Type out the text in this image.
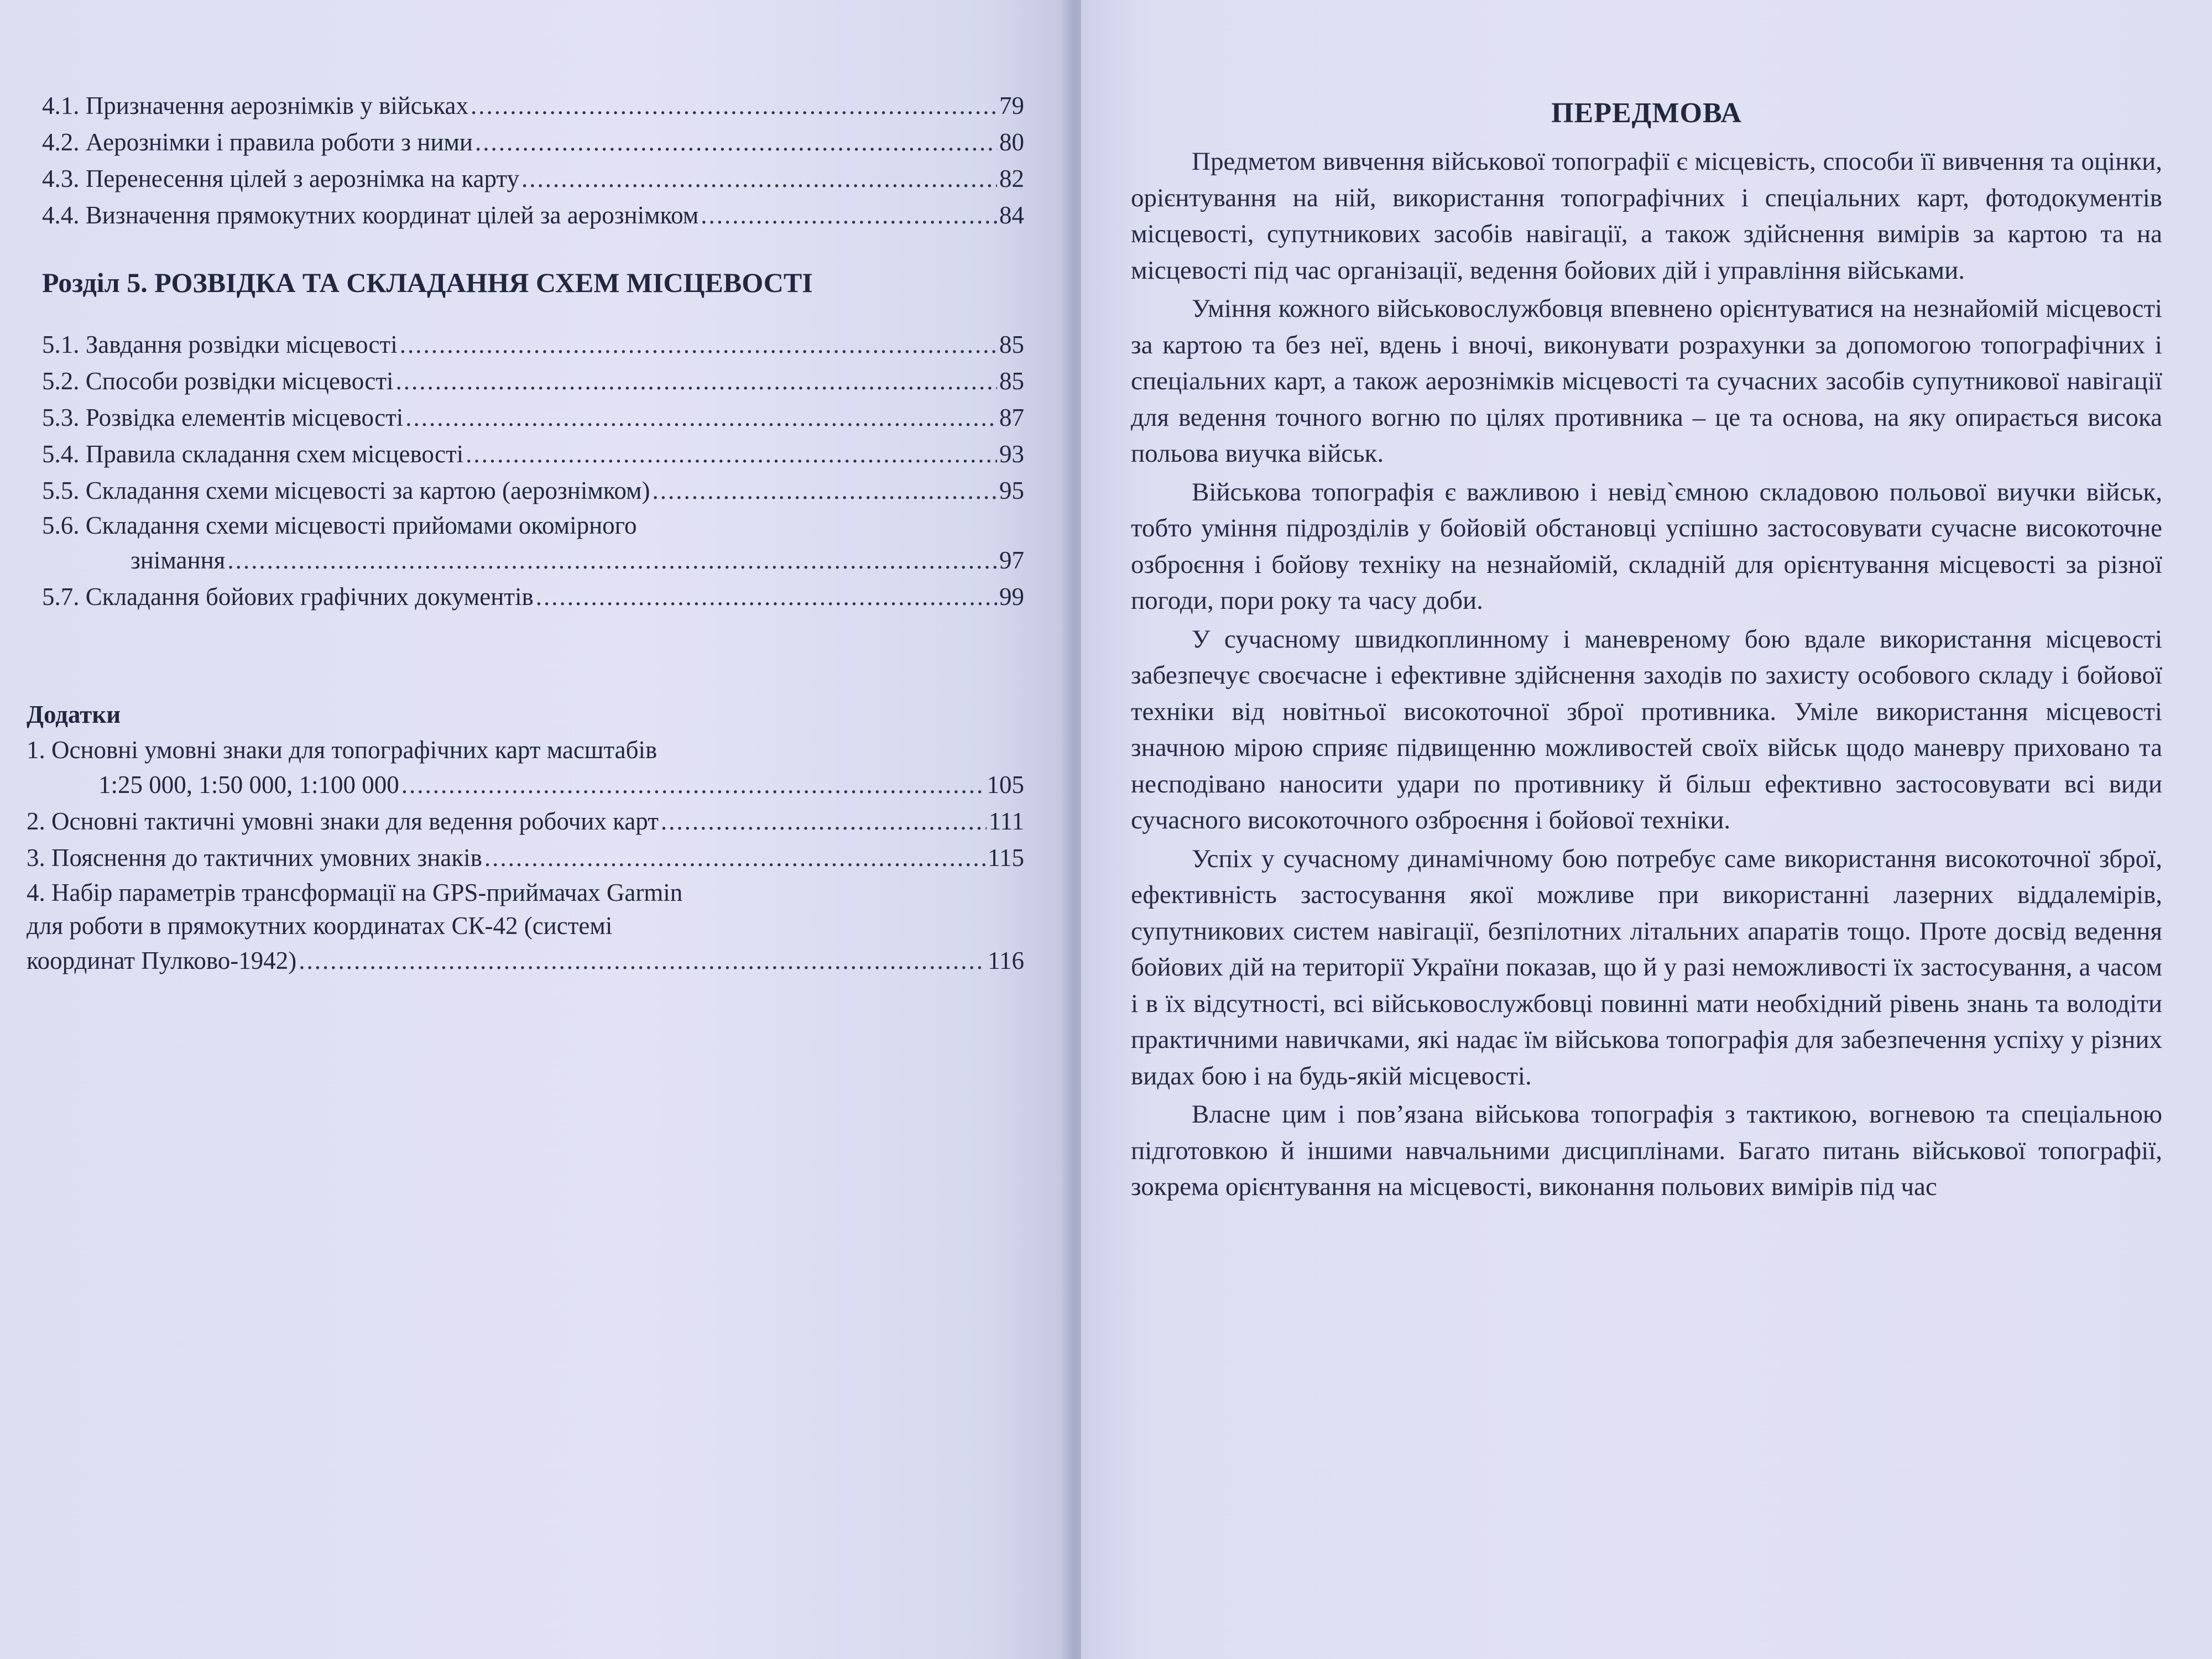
4.1. Призначення аерознімків у військах .....	79
4.2. Аерознімки і правила роботи з ними .....	80
4.3. Перенесення цілей з аерознімка на карту .....	82
4.4. Визначення прямокутних координат цілей за аерознімком .....	84
Розділ 5. РОЗВІДКА ТА СКЛАДАННЯ СХЕМ МІСЦЕВОСТІ
5.1. Завдання розвідки місцевості .....	85
5.2. Способи розвідки місцевості .....	85
5.3. Розвідка елементів місцевості .....	87
5.4. Правила складання схем місцевості .....	93
5.5. Складання схеми місцевості за картою (аерознімком) .....	95
5.6. Складання схеми місцевості прийомами окомірного
знімання .....	97
5.7. Складання бойових графічних документів .....	99
Додатки
1. Основні умовні знаки для топографічних карт масштабів
1:25 000, 1:50 000, 1:100 000 .....	105
2. Основні тактичні умовні знаки для ведення робочих карт .....	111
3. Пояснення до тактичних умовних знаків .....	115
4. Набір параметрів трансформації на GPS-приймачах Garmin
для роботи в прямокутних координатах СК-42 (системі
координат Пулково-1942) .....	116
ПЕРЕДМОВА

Предметом вивчення військової топографії є місцевість, способи її вивчення та оцінки, орієнтування на ній, використання топографічних і спеціальних карт, фотодокументів місцевості, супутникових засобів навігації, а також здійснення вимірів за картою та на місцевості під час організації, ведення бойових дій і управління військами.

Уміння кожного військовослужбовця впевнено орієнтуватися на незнайомій місцевості за картою та без неї, вдень і вночі, виконувати розрахунки за допомогою топографічних і спеціальних карт, а також аерознімків місцевості та сучасних засобів супутникової навігації для ведення точного вогню по цілях противника – це та основа, на яку опирається висока польова виучка військ.

Військова топографія є важливою і невід`ємною складовою польової виучки військ, тобто уміння підрозділів у бойовій обстановці успішно застосовувати сучасне високоточне озброєння і бойову техніку на незнайомій, складній для орієнтування місцевості за різної погоди, пори року та часу доби.

У сучасному швидкоплинному і маневреному бою вдале використання місцевості забезпечує своєчасне і ефективне здійснення заходів по захисту особового складу і бойової техніки від новітньої високоточної зброї противника. Уміле використання місцевості значною мірою сприяє підвищенню можливостей своїх військ щодо маневру приховано та несподівано наносити удари по противнику й більш ефективно застосовувати всі види сучасного високоточного озброєння і бойової техніки.

Успіх у сучасному динамічному бою потребує саме використання високоточної зброї, ефективність застосування якої можливе при використанні лазерних віддалемірів, супутникових систем навігації, безпілотних літальних апаратів тощо. Проте досвід ведення бойових дій на території України показав, що й у разі неможливості їх застосування, а часом і в їх відсутності, всі військовослужбовці повинні мати необхідний рівень знань та володіти практичними навичками, які надає їм військова топографія для забезпечення успіху у різних видах бою і на будь-якій місцевості.

Власне цим і пов’язана військова топографія з тактикою, вогневою та спеціальною підготовкою й іншими навчальними дисциплінами. Багато питань військової топографії, зокрема орієнтування на місцевості, виконання польових вимірів під час
